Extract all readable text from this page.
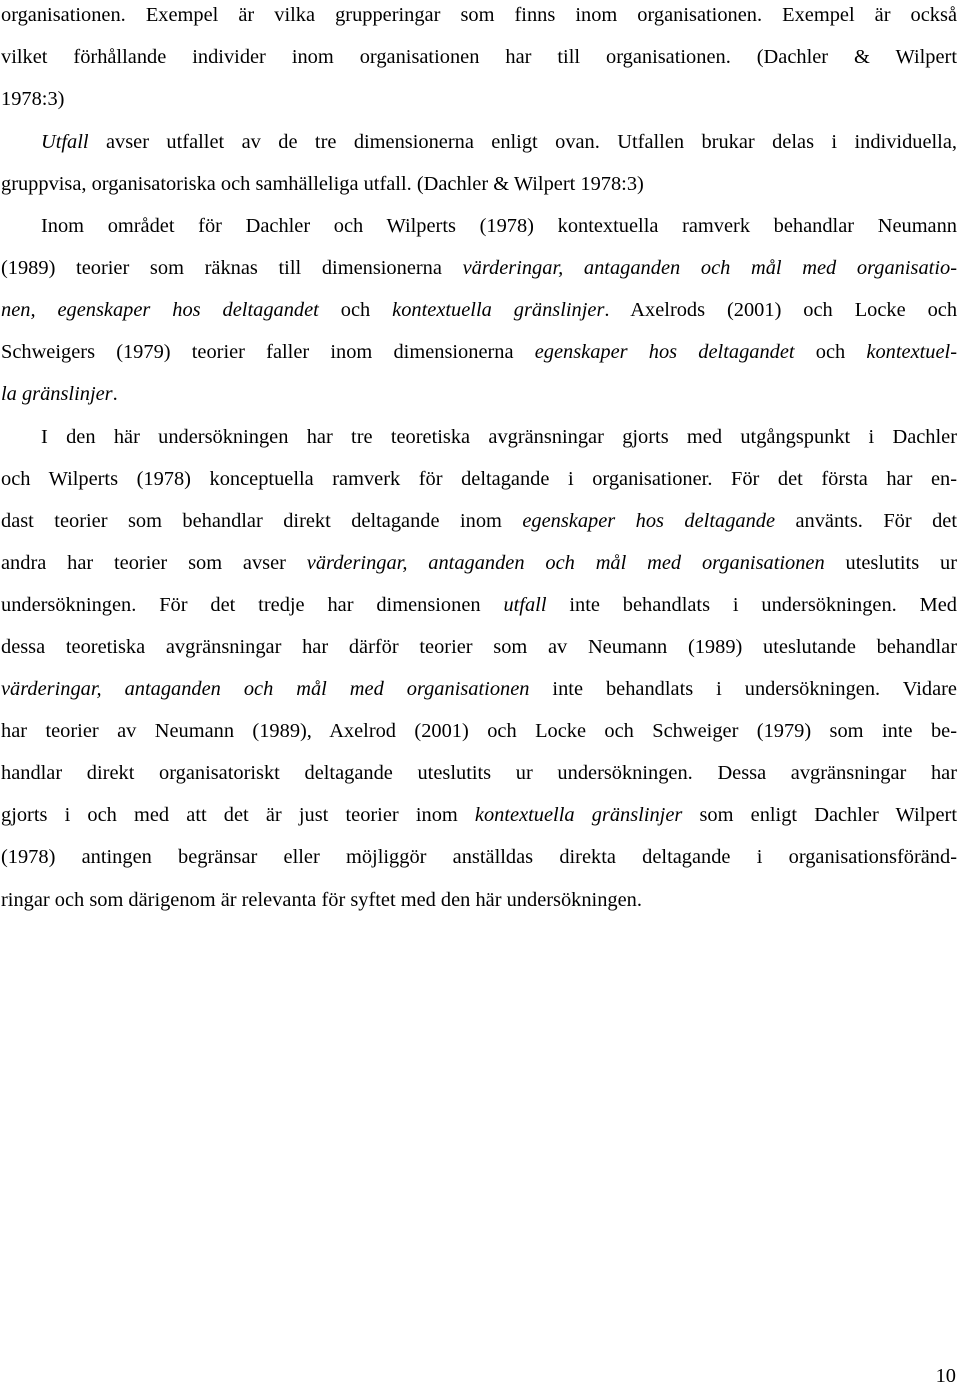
organisationen. Exempel är vilka grupperingar som finns inom organisationen. Exempel är också

vilket förhållande individer inom organisationen har till organisationen. (Dachler & Wilpert

1978:3)

Utfall avser utfallet av de tre dimensionerna enligt ovan. Utfallen brukar delas i individuella,

gruppvisa, organisatoriska och samhälleliga utfall. (Dachler & Wilpert 1978:3)

Inom området för Dachler och Wilperts (1978) kontextuella ramverk behandlar Neumann

(1989) teorier som räknas till dimensionerna värderingar, antaganden och mål med organisatio-

nen, egenskaper hos deltagandet och kontextuella gränslinjer. Axelrods (2001) och Locke och

Schweigers (1979) teorier faller inom dimensionerna egenskaper hos deltagandet och kontextuel-

la gränslinjer.

I den här undersökningen har tre teoretiska avgränsningar gjorts med utgångspunkt i Dachler

och Wilperts (1978) konceptuella ramverk för deltagande i organisationer. För det första har en-

dast teorier som behandlar direkt deltagande inom egenskaper hos deltagande använts. För det

andra har teorier som avser värderingar, antaganden och mål med organisationen uteslutits ur

undersökningen. För det tredje har dimensionen utfall inte behandlats i undersökningen. Med

dessa teoretiska avgränsningar har därför teorier som av Neumann (1989) uteslutande behandlar

värderingar, antaganden och mål med organisationen inte behandlats i undersökningen. Vidare

har teorier av Neumann (1989), Axelrod (2001) och Locke och Schweiger (1979) som inte be-

handlar direkt organisatoriskt deltagande uteslutits ur undersökningen. Dessa avgränsningar har

gjorts i och med att det är just teorier inom kontextuella gränslinjer som enligt Dachler Wilpert

(1978) antingen begränsar eller möjliggör anställdas direkta deltagande i organisationsföränd-

ringar och som därigenom är relevanta för syftet med den här undersökningen.

10
